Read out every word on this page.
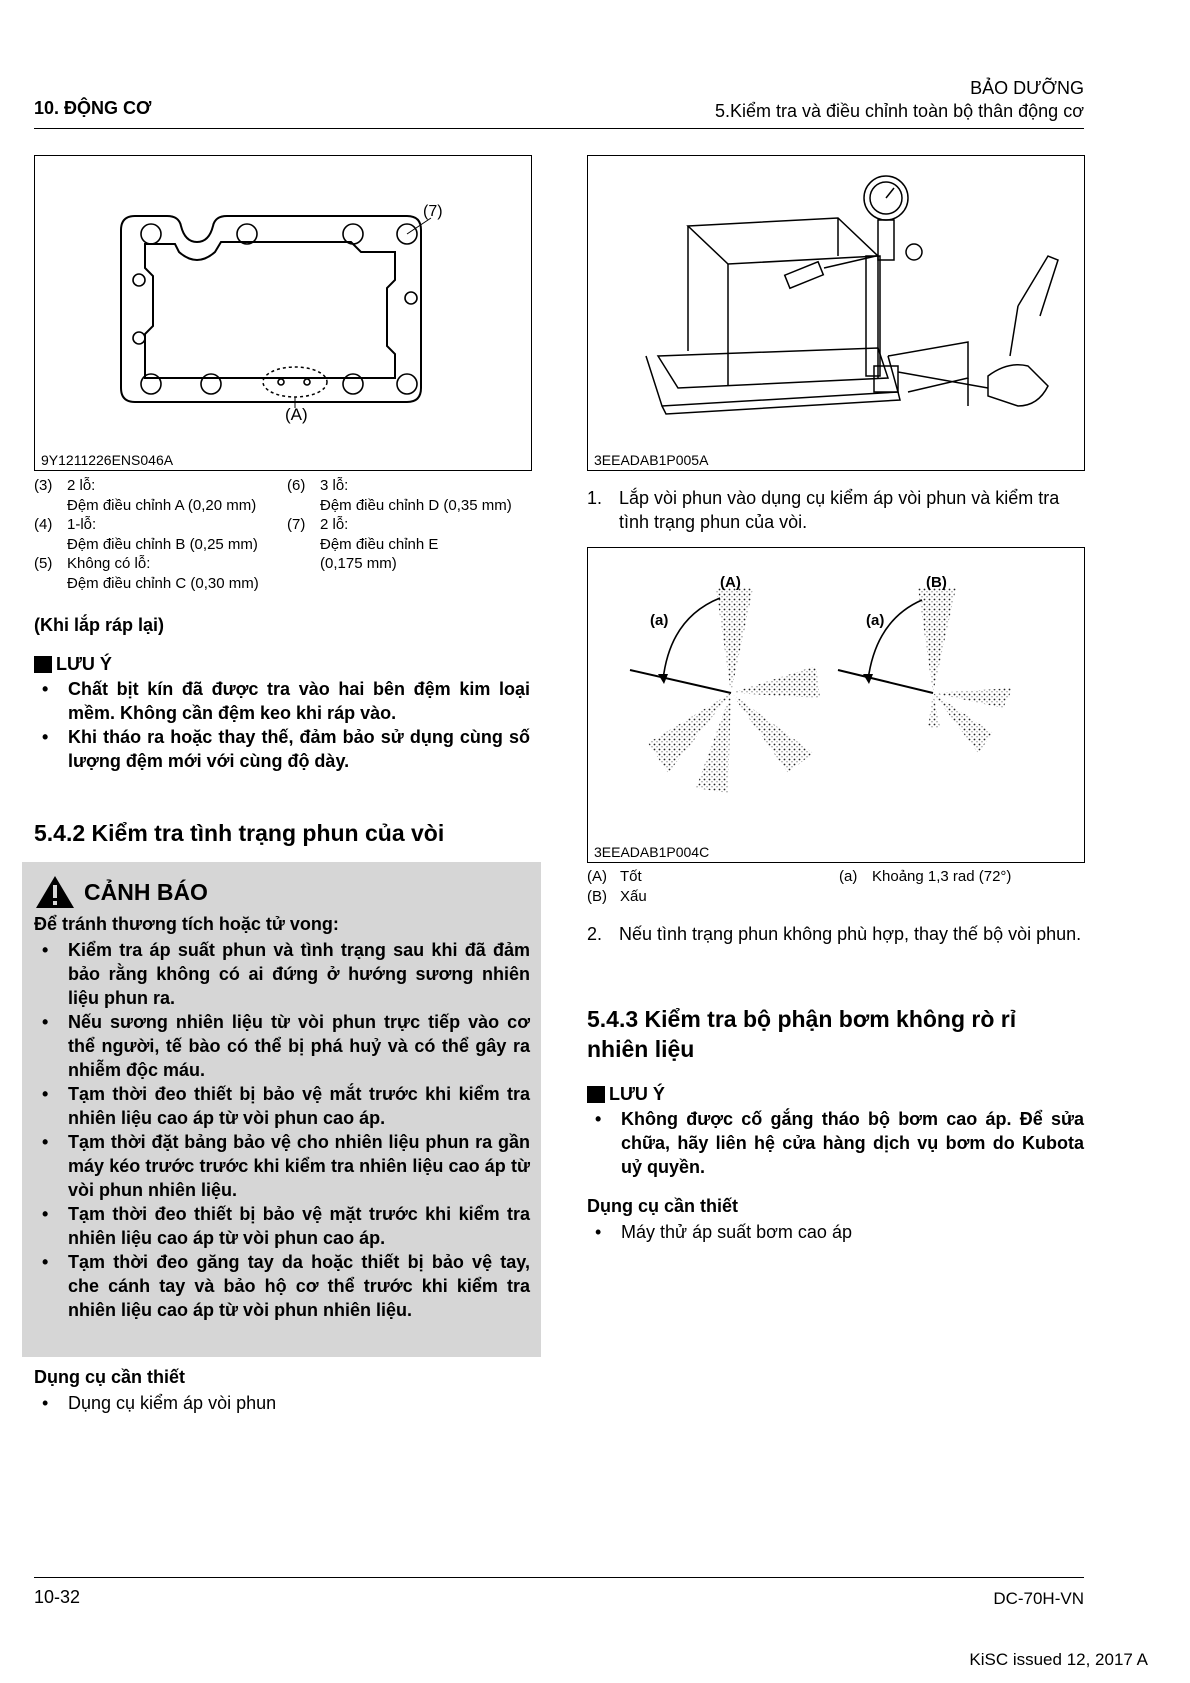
10. ĐỘNG CƠ
BẢO DƯỠNG
5.Kiểm tra và điều chỉnh toàn bộ thân động cơ
(7)
(A)
9Y1211226ENS046A
(3) 2 lỗ:
Đệm điều chỉnh A (0,20 mm)
(4) 1-lỗ:
Đệm điều chỉnh B (0,25 mm)
(5) Không có lỗ:
Đệm điều chỉnh C (0,30 mm)
(6) 3 lỗ:
Đệm điều chỉnh D (0,35 mm)
(7) 2 lỗ:
Đệm điều chỉnh E
(0,175 mm)
(Khi lắp ráp lại)
LƯU Ý
• Chất bịt kín đã được tra vào hai bên đệm kim loại mềm. Không cần đệm keo khi ráp vào.
• Khi tháo ra hoặc thay thế, đảm bảo sử dụng cùng số lượng đệm mới với cùng độ dày.
5.4.2 Kiểm tra tình trạng phun của vòi
CẢNH BÁO
Để tránh thương tích hoặc tử vong:
• Kiểm tra áp suất phun và tình trạng sau khi đã đảm bảo rằng không có ai đứng ở hướng sương nhiên liệu phun ra.
• Nếu sương nhiên liệu từ vòi phun trực tiếp vào cơ thể người, tế bào có thể bị phá huỷ và có thể gây ra nhiễm độc máu.
• Tạm thời đeo thiết bị bảo vệ mắt trước khi kiểm tra nhiên liệu cao áp từ vòi phun cao áp.
• Tạm thời đặt bảng bảo vệ cho nhiên liệu phun ra gần máy kéo trước trước khi kiểm tra nhiên liệu cao áp từ vòi phun nhiên liệu.
• Tạm thời đeo thiết bị bảo vệ mặt trước khi kiểm tra nhiên liệu cao áp từ vòi phun cao áp.
• Tạm thời đeo găng tay da hoặc thiết bị bảo vệ tay, che cánh tay và bảo hộ cơ thể trước khi kiểm tra nhiên liệu cao áp từ vòi phun nhiên liệu.
Dụng cụ cần thiết
• Dụng cụ kiểm áp vòi phun
3EEADAB1P005A
1. Lắp vòi phun vào dụng cụ kiểm áp vòi phun và kiểm tra tình trạng phun của vòi.
(A)	(B)
(a)	(a)
3EEADAB1P004C
(A) Tốt
(B) Xấu
(a) Khoảng 1,3 rad (72°)
2. Nếu tình trạng phun không phù hợp, thay thế bộ vòi phun.
5.4.3 Kiểm tra bộ phận bơm không rò rỉ nhiên liệu
LƯU Ý
• Không được cố gắng tháo bộ bơm cao áp. Để sửa chữa, hãy liên hệ cửa hàng dịch vụ bơm do Kubota uỷ quyền.
Dụng cụ cần thiết
• Máy thử áp suất bơm cao áp
10-32	DC-70H-VN
KiSC issued 12, 2017 A
